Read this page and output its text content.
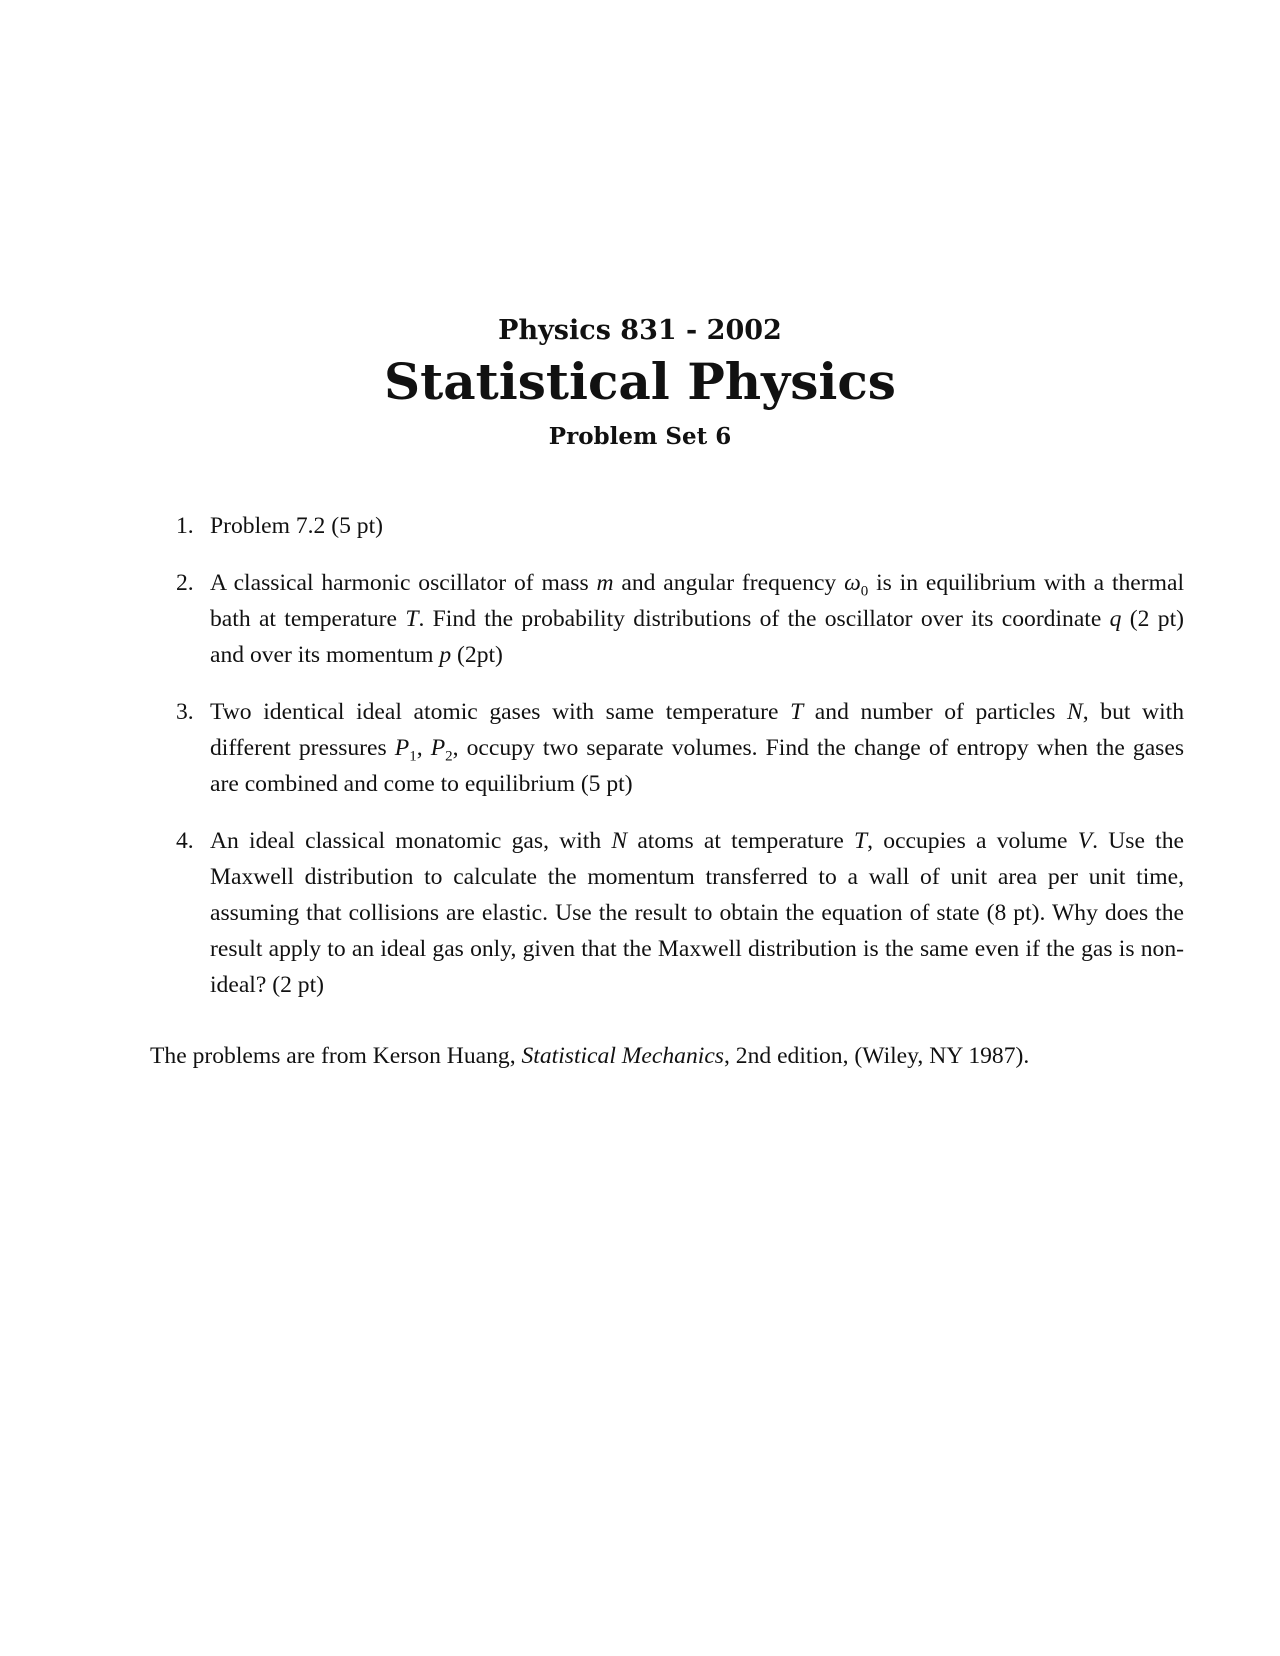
Physics 831 - 2002
Statistical Physics
Problem Set 6
1. Problem 7.2 (5 pt)
2. A classical harmonic oscillator of mass m and angular frequency $\omega_0$ is in equilibrium with a thermal bath at temperature T. Find the probability distributions of the oscillator over its coordinate q (2 pt) and over its momentum p (2pt)
3. Two identical ideal atomic gases with same temperature T and number of particles N, but with different pressures $P_1$, $P_2$, occupy two separate volumes. Find the change of entropy when the gases are combined and come to equilibrium (5 pt)
4. An ideal classical monatomic gas, with N atoms at temperature T, occupies a volume V. Use the Maxwell distribution to calculate the momentum transferred to a wall of unit area per unit time, assuming that collisions are elastic. Use the result to obtain the equation of state (8 pt). Why does the result apply to an ideal gas only, given that the Maxwell distribution is the same even if the gas is non-ideal? (2 pt)
The problems are from Kerson Huang, Statistical Mechanics, 2nd edition, (Wiley, NY 1987).
